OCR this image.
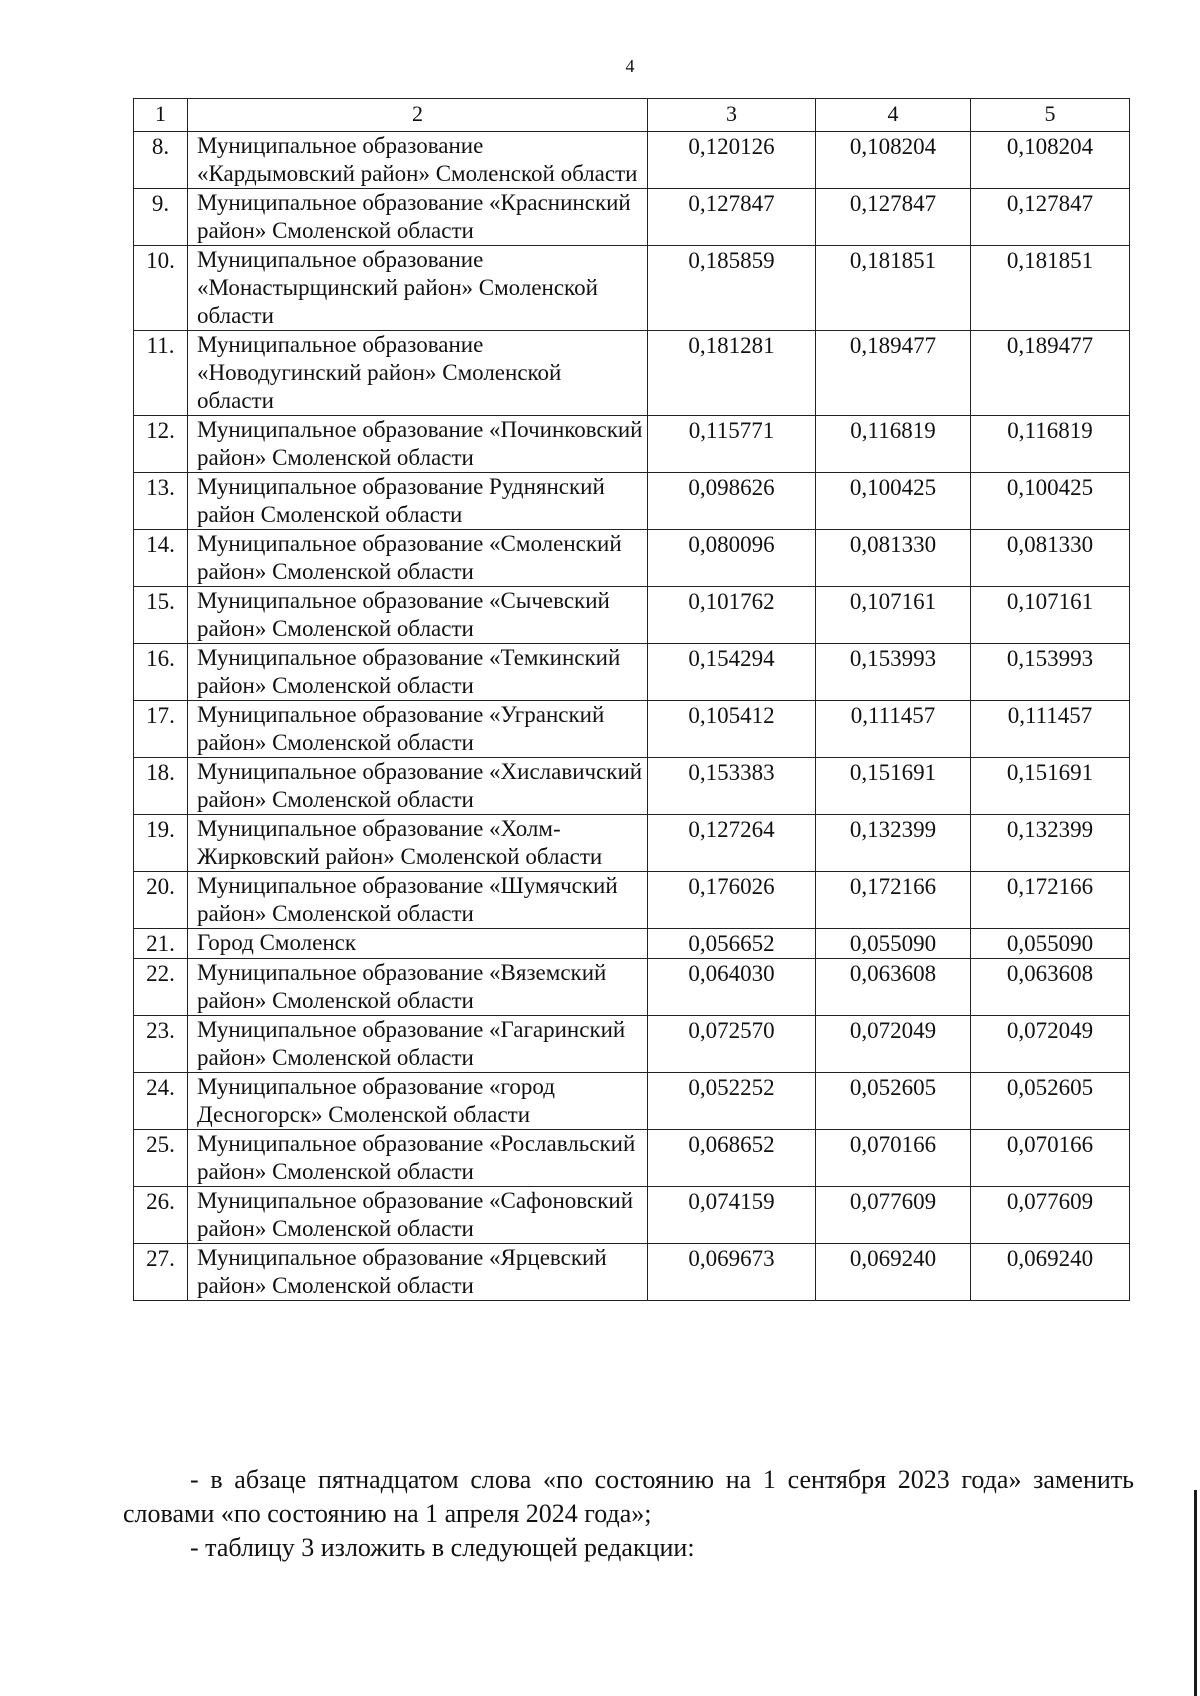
4
1	2	3	4	5
8.	Муниципальное образование «Кардымовский район» Смоленской области	0,120126	0,108204	0,108204
9.	Муниципальное образование «Краснинский район» Смоленской области	0,127847	0,127847	0,127847
10.	Муниципальное образование «Монастырщинский район» Смоленской области	0,185859	0,181851	0,181851
11.	Муниципальное образование «Новодугинский район» Смоленской области	0,181281	0,189477	0,189477
12.	Муниципальное образование «Починковский район» Смоленской области	0,115771	0,116819	0,116819
13.	Муниципальное образование Руднянский район Смоленской области	0,098626	0,100425	0,100425
14.	Муниципальное образование «Смоленский район» Смоленской области	0,080096	0,081330	0,081330
15.	Муниципальное образование «Сычевский район» Смоленской области	0,101762	0,107161	0,107161
16.	Муниципальное образование «Темкинский район» Смоленской области	0,154294	0,153993	0,153993
17.	Муниципальное образование «Угранский район» Смоленской области	0,105412	0,111457	0,111457
18.	Муниципальное образование «Хиславичский район» Смоленской области	0,153383	0,151691	0,151691
19.	Муниципальное образование «Холм-Жирковский район» Смоленской области	0,127264	0,132399	0,132399
20.	Муниципальное образование «Шумячский район» Смоленской области	0,176026	0,172166	0,172166
21.	Город Смоленск	0,056652	0,055090	0,055090
22.	Муниципальное образование «Вяземский район» Смоленской области	0,064030	0,063608	0,063608
23.	Муниципальное образование «Гагаринский район» Смоленской области	0,072570	0,072049	0,072049
24.	Муниципальное образование «город Десногорск» Смоленской области	0,052252	0,052605	0,052605
25.	Муниципальное образование «Рославльский район» Смоленской области	0,068652	0,070166	0,070166
26.	Муниципальное образование «Сафоновский район» Смоленской области	0,074159	0,077609	0,077609
27.	Муниципальное образование «Ярцевский район» Смоленской области	0,069673	0,069240	0,069240

- в абзаце пятнадцатом слова «по состоянию на 1 сентября 2023 года» заменить словами «по состоянию на 1 апреля 2024 года»;

- таблицу 3 изложить в следующей редакции:
